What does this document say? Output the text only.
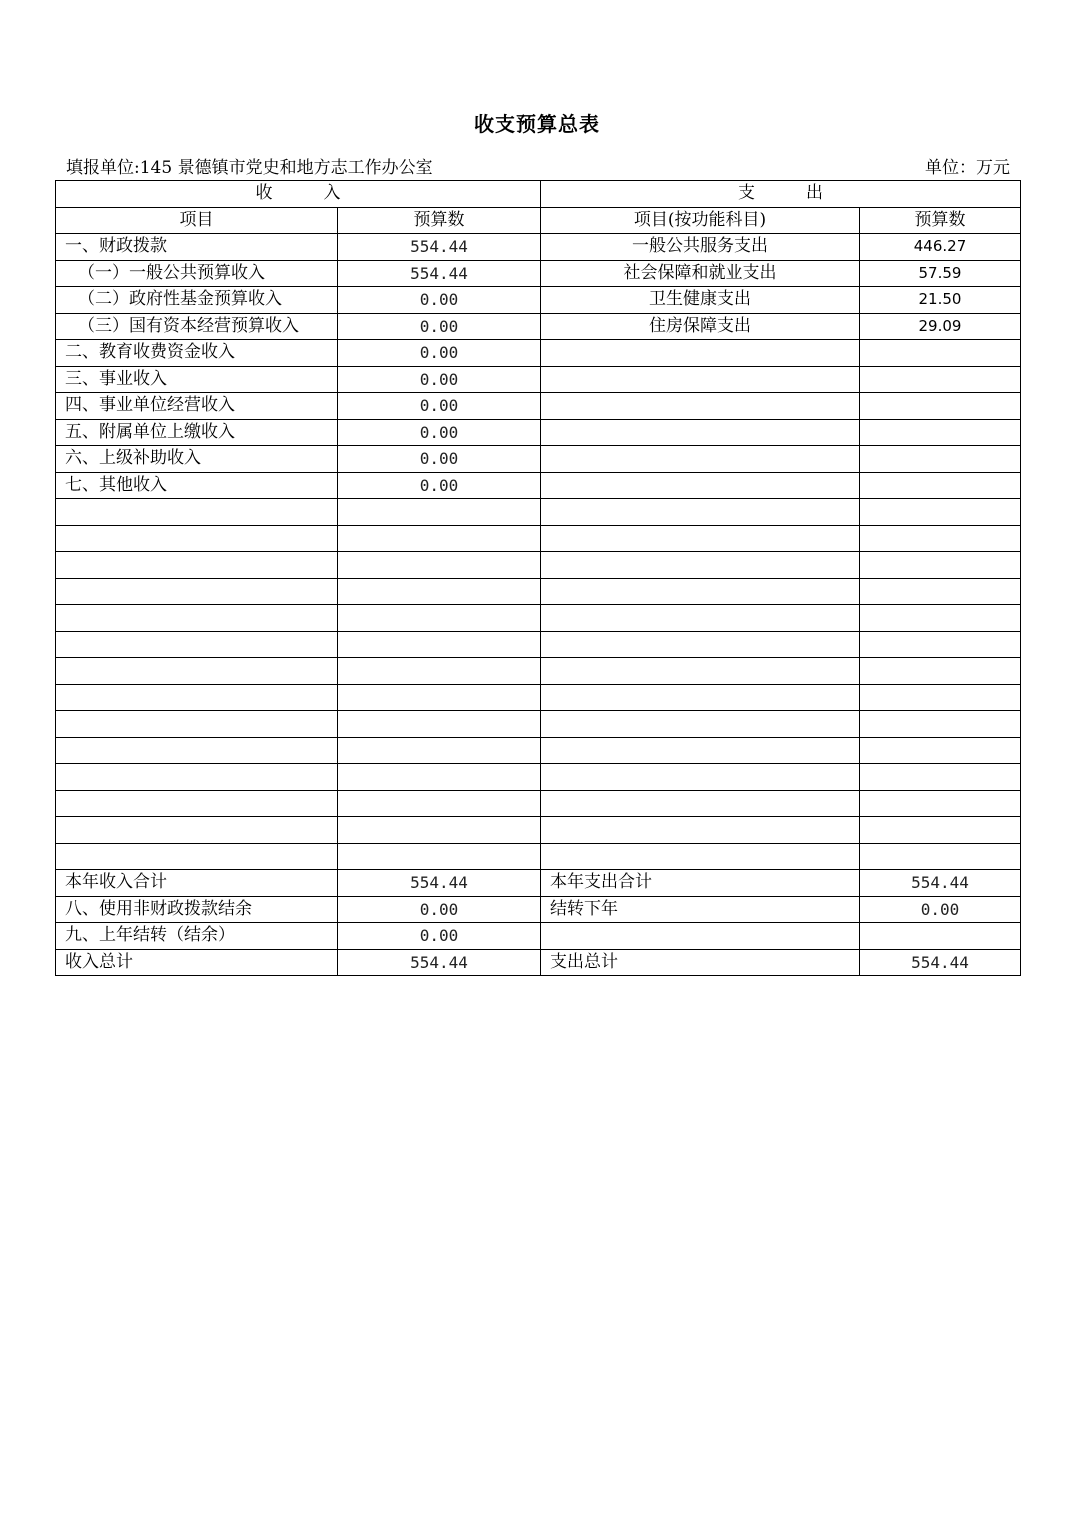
收支预算总表
填报单位:145 景德镇市党史和地方志工作办公室	单位：万元
收　　　入		支　　　出	
项目	预算数	项目(按功能科目)	预算数
一、财政拨款	554.44	一般公共服务支出	446.27
（一）一般公共预算收入	554.44	社会保障和就业支出	57.59
（二）政府性基金预算收入	0.00	卫生健康支出	21.50
（三）国有资本经营预算收入	0.00	住房保障支出	29.09
二、教育收费资金收入	0.00		
三、事业收入	0.00		
四、事业单位经营收入	0.00		
五、附属单位上缴收入	0.00		
六、上级补助收入	0.00		
七、其他收入	0.00		

本年收入合计	554.44	本年支出合计	554.44
八、使用非财政拨款结余	0.00	结转下年	0.00
九、上年结转（结余）	0.00		
收入总计	554.44	支出总计	554.44
